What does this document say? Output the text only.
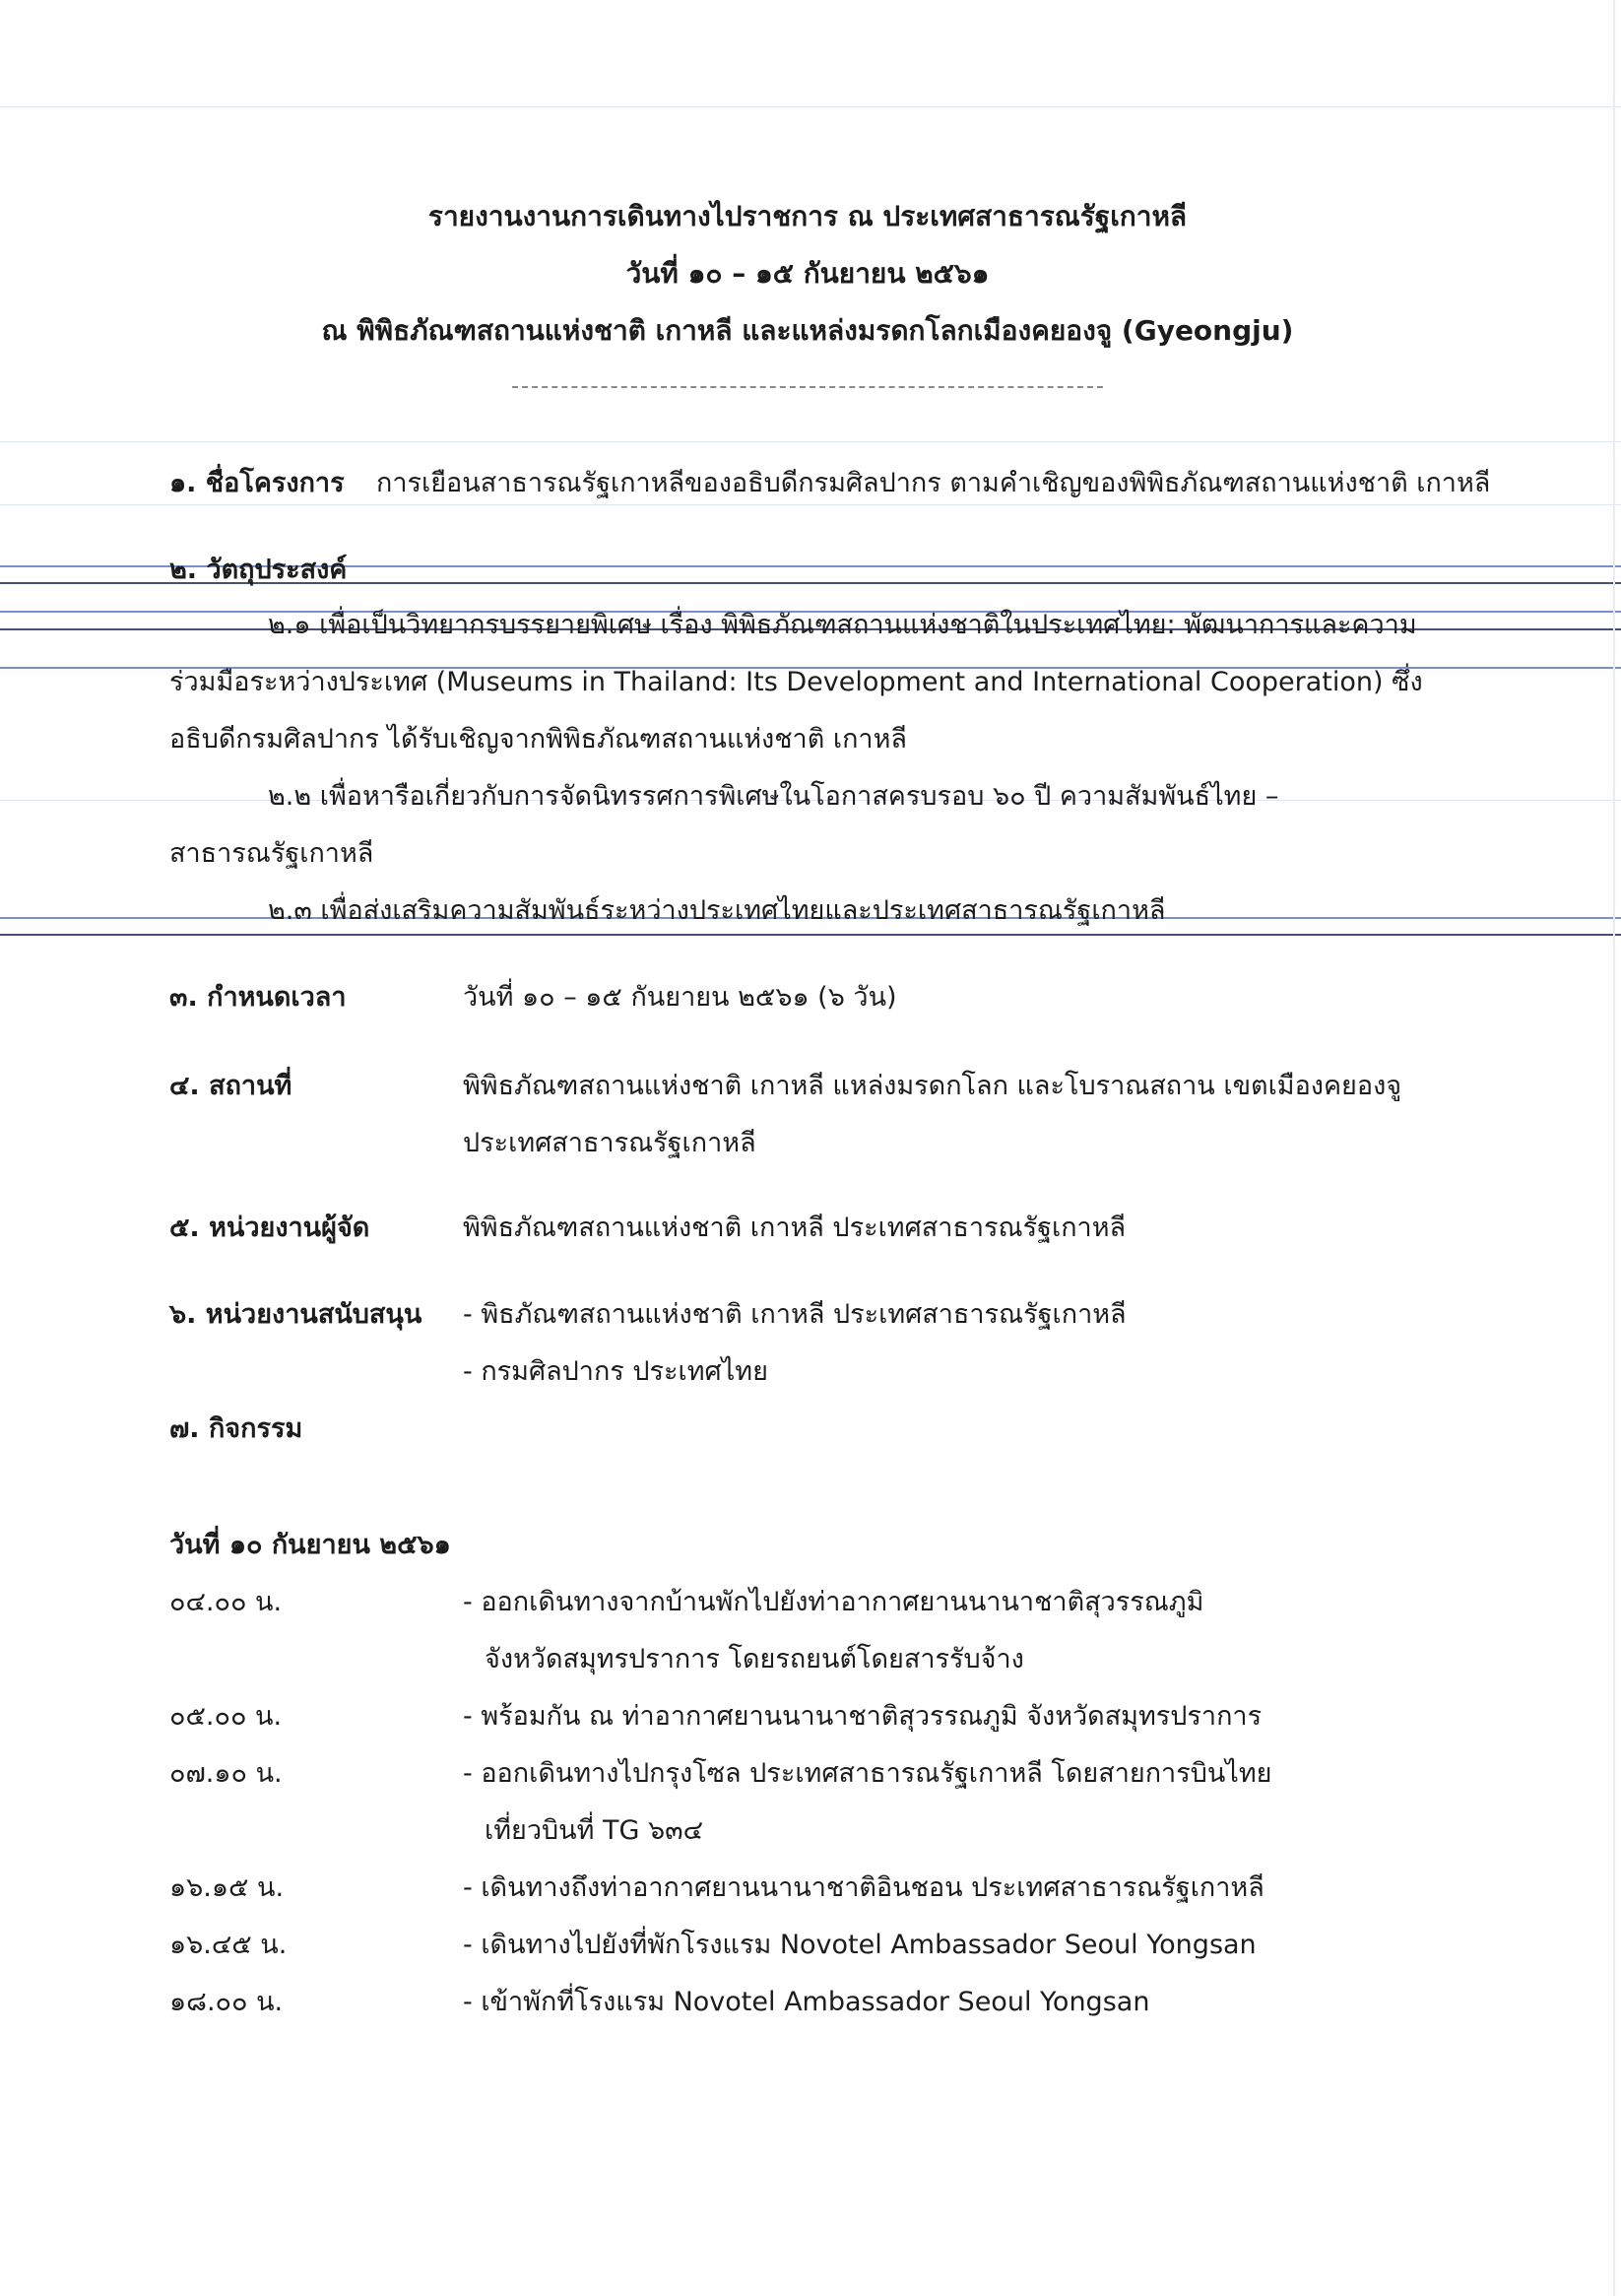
รายงานงานการเดินทางไปราชการ ณ ประเทศสาธารณรัฐเกาหลี
วันที่ ๑๐ – ๑๕ กันยายน ๒๕๖๑
ณ พิพิธภัณฑสถานแห่งชาติ เกาหลี และแหล่งมรดกโลกเมืองคยองจู (Gyeongju)
๑. ชื่อโครงการ การเยือนสาธารณรัฐเกาหลีของอธิบดีกรมศิลปากร ตามคำเชิญของพิพิธภัณฑสถานแห่งชาติ เกาหลี
๒. วัตถุประสงค์
๒.๑ เพื่อเป็นวิทยากรบรรยายพิเศษ เรื่อง พิพิธภัณฑสถานแห่งชาติในประเทศไทย: พัฒนาการและความ
ร่วมมือระหว่างประเทศ (Museums in Thailand: Its Development and International Cooperation) ซึ่ง
อธิบดีกรมศิลปากร ได้รับเชิญจากพิพิธภัณฑสถานแห่งชาติ เกาหลี
๒.๒ เพื่อหารือเกี่ยวกับการจัดนิทรรศการพิเศษในโอกาสครบรอบ ๖๐ ปี ความสัมพันธ์ไทย –
สาธารณรัฐเกาหลี
๒.๓ เพื่อส่งเสริมความสัมพันธ์ระหว่างประเทศไทยและประเทศสาธารณรัฐเกาหลี
๓. กำหนดเวลา	วันที่ ๑๐ – ๑๕ กันยายน ๒๕๖๑ (๖ วัน)
๔. สถานที่	พิพิธภัณฑสถานแห่งชาติ เกาหลี แหล่งมรดกโลก และโบราณสถาน เขตเมืองคยองจู
ประเทศสาธารณรัฐเกาหลี
๕. หน่วยงานผู้จัด	พิพิธภัณฑสถานแห่งชาติ เกาหลี ประเทศสาธารณรัฐเกาหลี
๖. หน่วยงานสนับสนุน - พิธภัณฑสถานแห่งชาติ เกาหลี ประเทศสาธารณรัฐเกาหลี
- กรมศิลปากร ประเทศไทย
๗. กิจกรรม
วันที่ ๑๐ กันยายน ๒๕๖๑
๐๔.๐๐ น.	- ออกเดินทางจากบ้านพักไปยังท่าอากาศยานนานาชาติสุวรรณภูมิ
จังหวัดสมุทรปราการ โดยรถยนต์โดยสารรับจ้าง
๐๕.๐๐ น.	- พร้อมกัน ณ ท่าอากาศยานนานาชาติสุวรรณภูมิ จังหวัดสมุทรปราการ
๐๗.๑๐ น.	- ออกเดินทางไปกรุงโซล ประเทศสาธารณรัฐเกาหลี โดยสายการบินไทย
เที่ยวบินที่ TG ๖๓๔
๑๖.๑๕ น.	- เดินทางถึงท่าอากาศยานนานาชาติอินชอน ประเทศสาธารณรัฐเกาหลี
๑๖.๔๕ น.	- เดินทางไปยังที่พักโรงแรม Novotel Ambassador Seoul Yongsan
๑๘.๐๐ น.	- เข้าพักที่โรงแรม Novotel Ambassador Seoul Yongsan
